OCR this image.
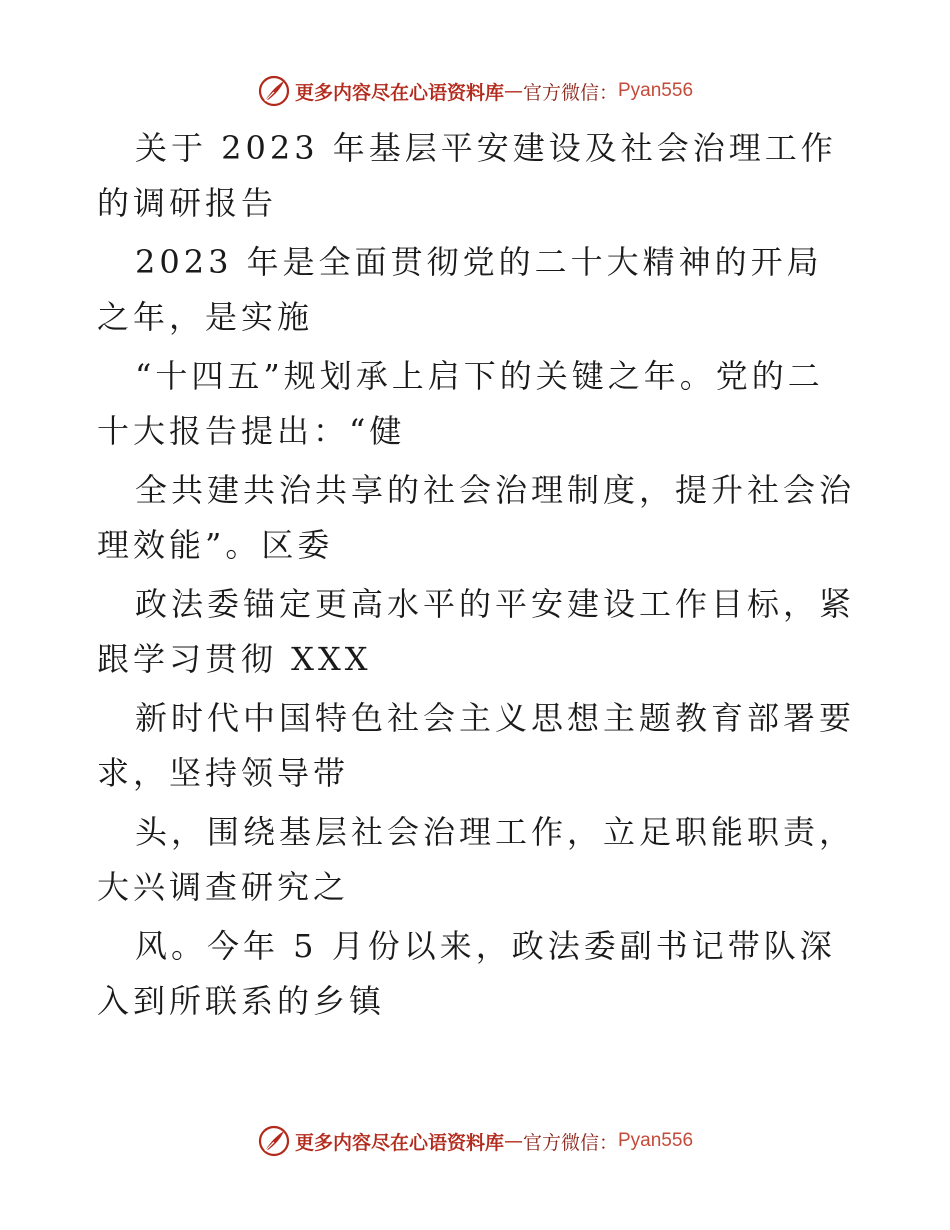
更多内容尽在心语资料库 — 官方微信： Pyan556

关于 2023 年基层平安建设及社会治理工作的调研报告

2023 年是全面贯彻党的二十大精神的开局之年，是实施

“十四五”规划承上启下的关键之年。党的二十大报告提出：“健

全共建共治共享的社会治理制度，提升社会治理效能”。区委

政法委锚定更高水平的平安建设工作目标，紧跟学习贯彻 XXX

新时代中国特色社会主义思想主题教育部署要求，坚持领导带

头，围绕基层社会治理工作，立足职能职责，大兴调查研究之

风。今年 5 月份以来，政法委副书记带队深入到所联系的乡镇

更多内容尽在心语资料库 — 官方微信： Pyan556
